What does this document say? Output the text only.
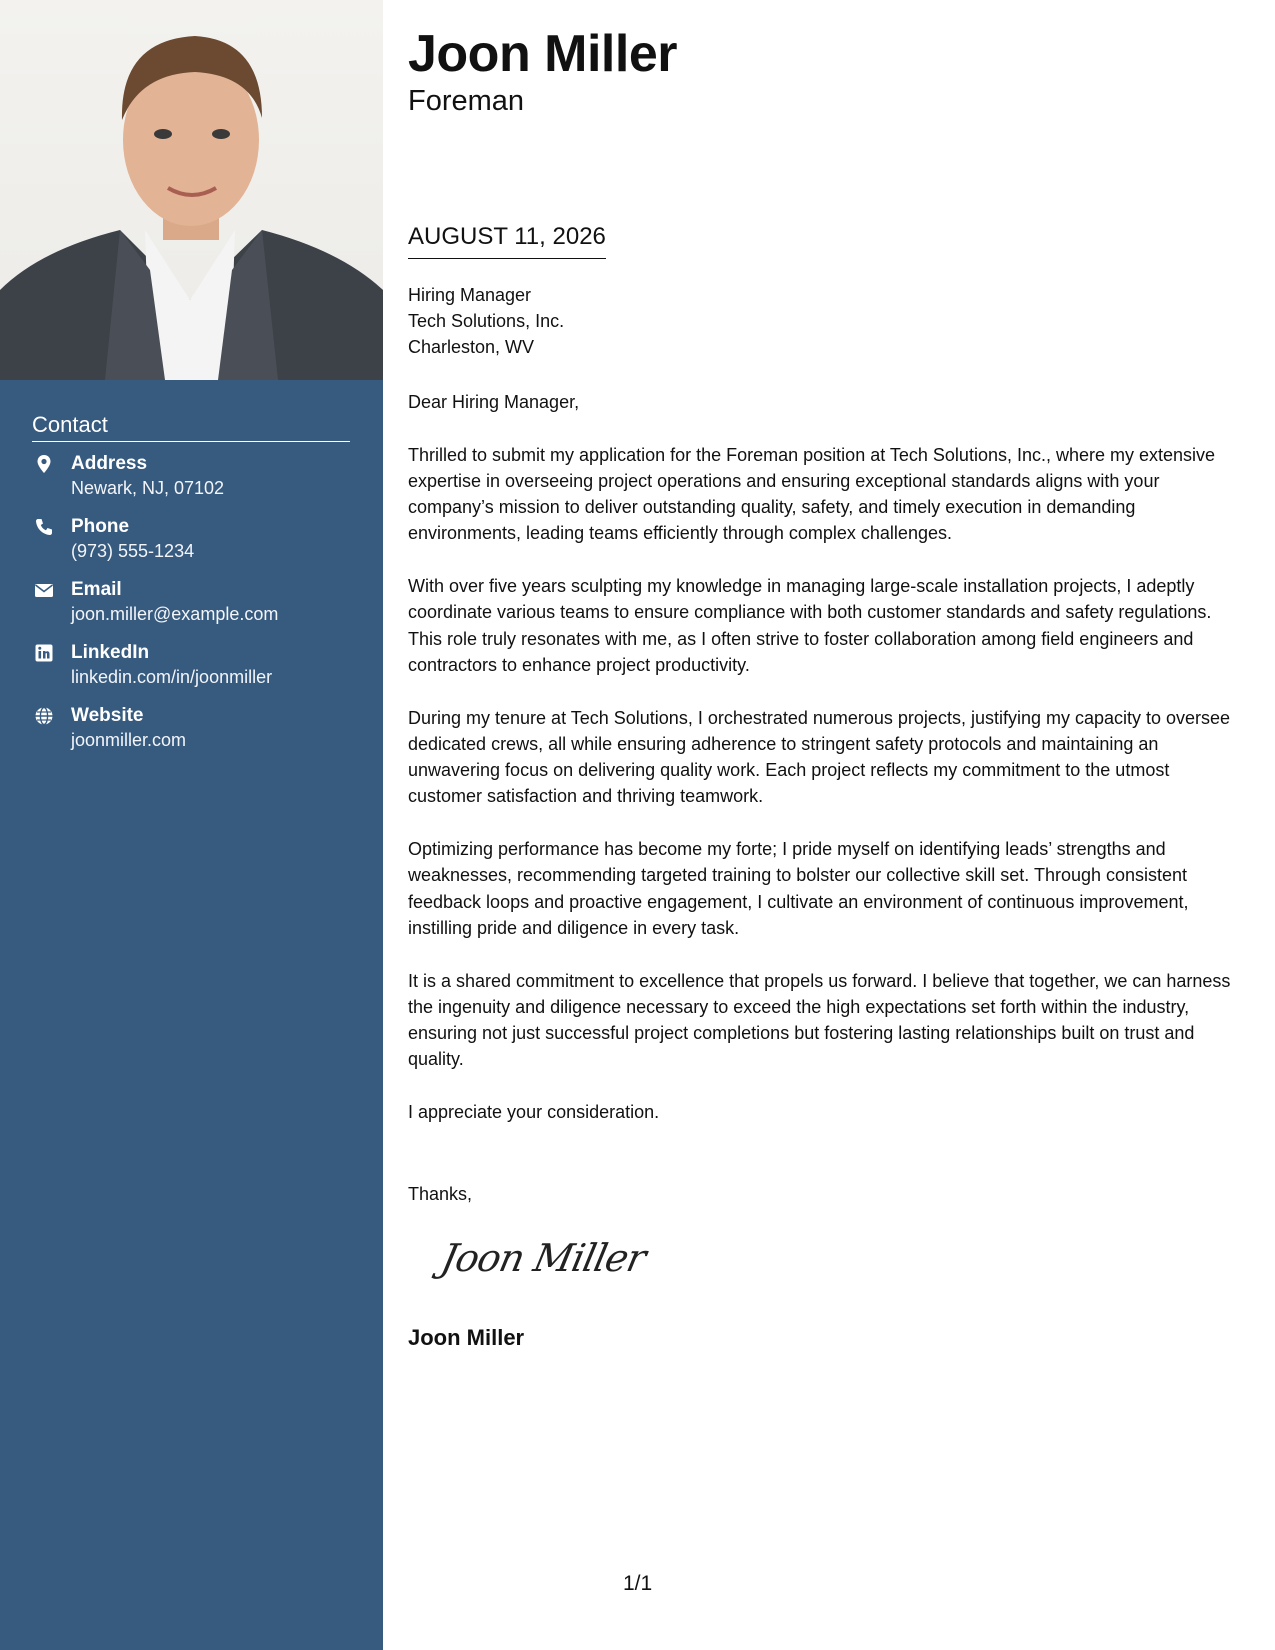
Contact
Address
Newark, NJ, 07102
Phone
(973) 555-1234
Email
joon.miller@example.com
LinkedIn
linkedin.com/in/joonmiller
Website
joonmiller.com
Joon Miller
Foreman
AUGUST 11, 2026
Hiring Manager
Tech Solutions, Inc.
Charleston, WV

Dear Hiring Manager,

Thrilled to submit my application for the Foreman position at Tech Solutions, Inc., where my extensive expertise in overseeing project operations and ensuring exceptional standards aligns with your company’s mission to deliver outstanding quality, safety, and timely execution in demanding environments, leading teams efficiently through complex challenges.

With over five years sculpting my knowledge in managing large-scale installation projects, I adeptly coordinate various teams to ensure compliance with both customer standards and safety regulations. This role truly resonates with me, as I often strive to foster collaboration among field engineers and contractors to enhance project productivity.

During my tenure at Tech Solutions, I orchestrated numerous projects, justifying my capacity to oversee dedicated crews, all while ensuring adherence to stringent safety protocols and maintaining an unwavering focus on delivering quality work. Each project reflects my commitment to the utmost customer satisfaction and thriving teamwork.

Optimizing performance has become my forte; I pride myself on identifying leads’ strengths and weaknesses, recommending targeted training to bolster our collective skill set. Through consistent feedback loops and proactive engagement, I cultivate an environment of continuous improvement, instilling pride and diligence in every task.

It is a shared commitment to excellence that propels us forward. I believe that together, we can harness the ingenuity and diligence necessary to exceed the high expectations set forth within the industry, ensuring not just successful project completions but fostering lasting relationships built on trust and quality.

I appreciate your consideration.

Thanks,
Joon Miller
Joon Miller
1/1
